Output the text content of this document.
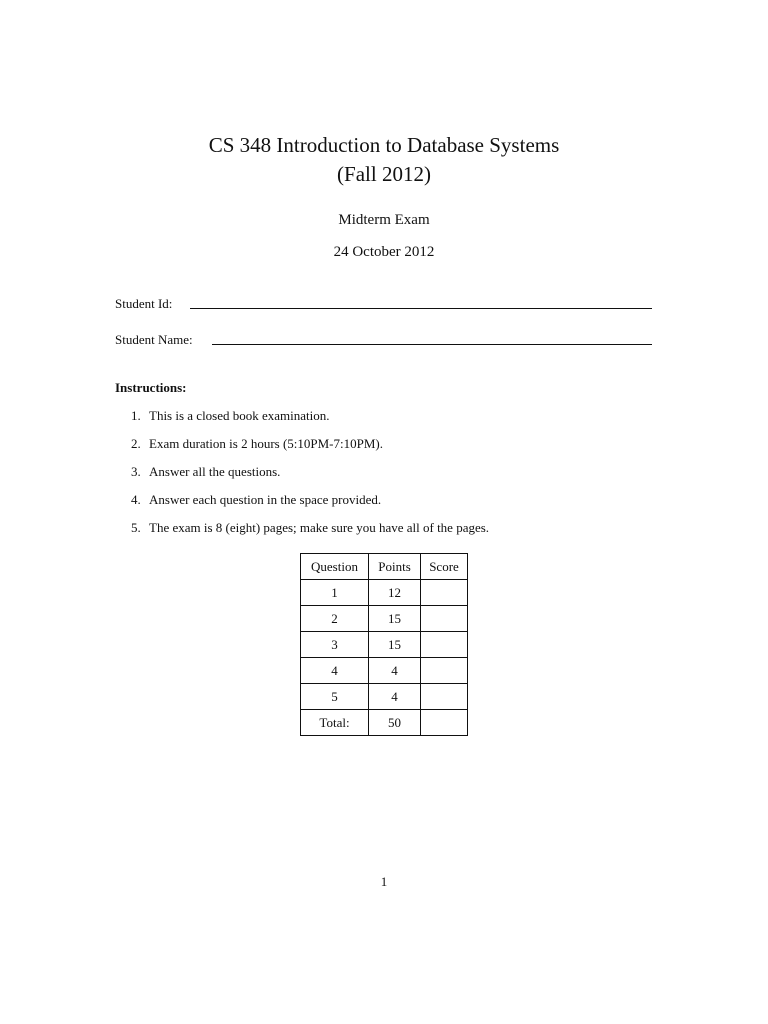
CS 348 Introduction to Database Systems
(Fall 2012)
Midterm Exam
24 October 2012
Student Id:
Student Name:
Instructions:
1. This is a closed book examination.
2. Exam duration is 2 hours (5:10PM-7:10PM).
3. Answer all the questions.
4. Answer each question in the space provided.
5. The exam is 8 (eight) pages; make sure you have all of the pages.
Question	Points	Score
1	12	
2	15	
3	15	
4	4	
5	4	
Total:	50	
1
